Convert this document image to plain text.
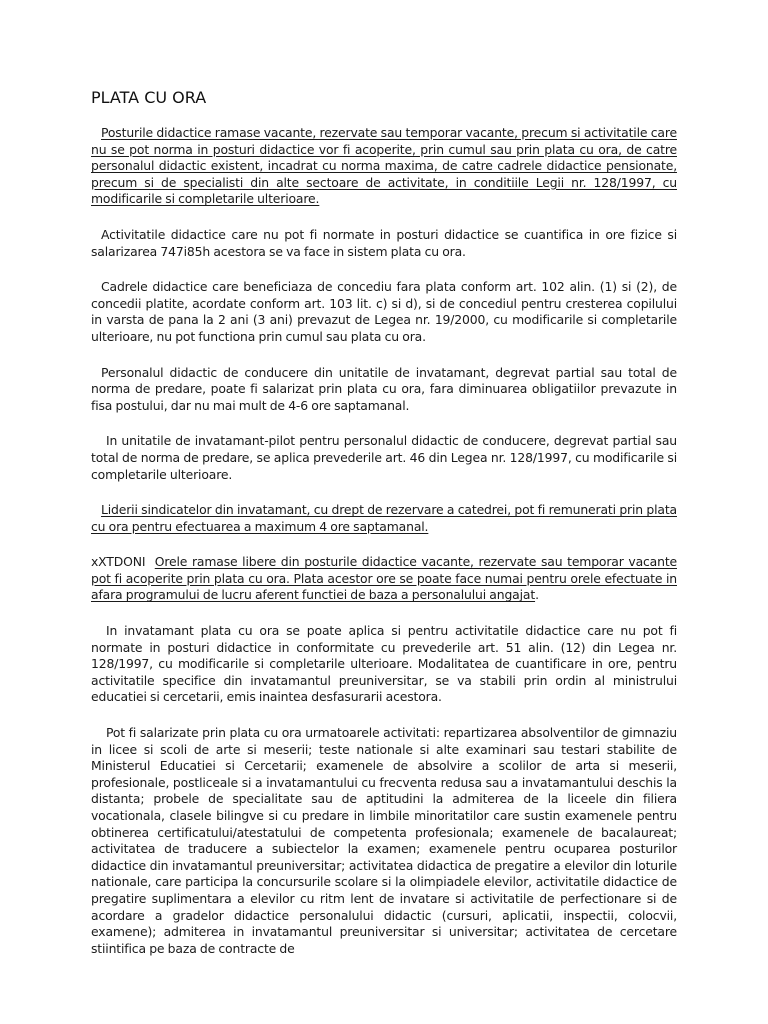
PLATA CU ORA

Posturile didactice ramase vacante, rezervate sau temporar vacante, precum si activitatile care nu se pot norma in posturi didactice vor fi acoperite, prin cumul sau prin plata cu ora, de catre personalul didactic existent, incadrat cu norma maxima, de catre cadrele didactice pensionate, precum si de specialisti din alte sectoare de activitate, in conditiile Legii nr. 128/1997, cu modificarile si completarile ulterioare.

Activitatile didactice care nu pot fi normate in posturi didactice se cuantifica in ore fizice si salarizarea 747i85h acestora se va face in sistem plata cu ora.

Cadrele didactice care beneficiaza de concediu fara plata conform art. 102 alin. (1) si (2), de concedii platite, acordate conform art. 103 lit. c) si d), si de concediul pentru cresterea copilului in varsta de pana la 2 ani (3 ani) prevazut de Legea nr. 19/2000, cu modificarile si completarile ulterioare, nu pot functiona prin cumul sau plata cu ora.

Personalul didactic de conducere din unitatile de invatamant, degrevat partial sau total de norma de predare, poate fi salarizat prin plata cu ora, fara diminuarea obligatiilor prevazute in fisa postului, dar nu mai mult de 4-6 ore saptamanal.

In unitatile de invatamant-pilot pentru personalul didactic de conducere, degrevat partial sau total de norma de predare, se aplica prevederile art. 46 din Legea nr. 128/1997, cu modificarile si completarile ulterioare.

Liderii sindicatelor din invatamant, cu drept de rezervare a catedrei, pot fi remunerati prin plata cu ora pentru efectuarea a maximum 4 ore saptamanal.

xXTDONI Orele ramase libere din posturile didactice vacante, rezervate sau temporar vacante pot fi acoperite prin plata cu ora. Plata acestor ore se poate face numai pentru orele efectuate in afara programului de lucru aferent functiei de baza a personalului angajat.

In invatamant plata cu ora se poate aplica si pentru activitatile didactice care nu pot fi normate in posturi didactice in conformitate cu prevederile art. 51 alin. (12) din Legea nr. 128/1997, cu modificarile si completarile ulterioare. Modalitatea de cuantificare in ore, pentru activitatile specifice din invatamantul preuniversitar, se va stabili prin ordin al ministrului educatiei si cercetarii, emis inaintea desfasurarii acestora.

Pot fi salarizate prin plata cu ora urmatoarele activitati: repartizarea absolventilor de gimnaziu in licee si scoli de arte si meserii; teste nationale si alte examinari sau testari stabilite de Ministerul Educatiei si Cercetarii; examenele de absolvire a scolilor de arta si meserii, profesionale, postliceale si a invatamantului cu frecventa redusa sau a invatamantului deschis la distanta; probele de specialitate sau de aptitudini la admiterea de la liceele din filiera vocationala, clasele bilingve si cu predare in limbile minoritatilor care sustin examenele pentru obtinerea certificatului/atestatului de competenta profesionala; examenele de bacalaureat; activitatea de traducere a subiectelor la examen; examenele pentru ocuparea posturilor didactice din invatamantul preuniversitar; activitatea didactica de pregatire a elevilor din loturile nationale, care participa la concursurile scolare si la olimpiadele elevilor, activitatile didactice de pregatire suplimentara a elevilor cu ritm lent de invatare si activitatile de perfectionare si de acordare a gradelor didactice personalului didactic (cursuri, aplicatii, inspectii, colocvii, examene); admiterea in invatamantul preuniversitar si universitar; activitatea de cercetare stiintifica pe baza de contracte de
